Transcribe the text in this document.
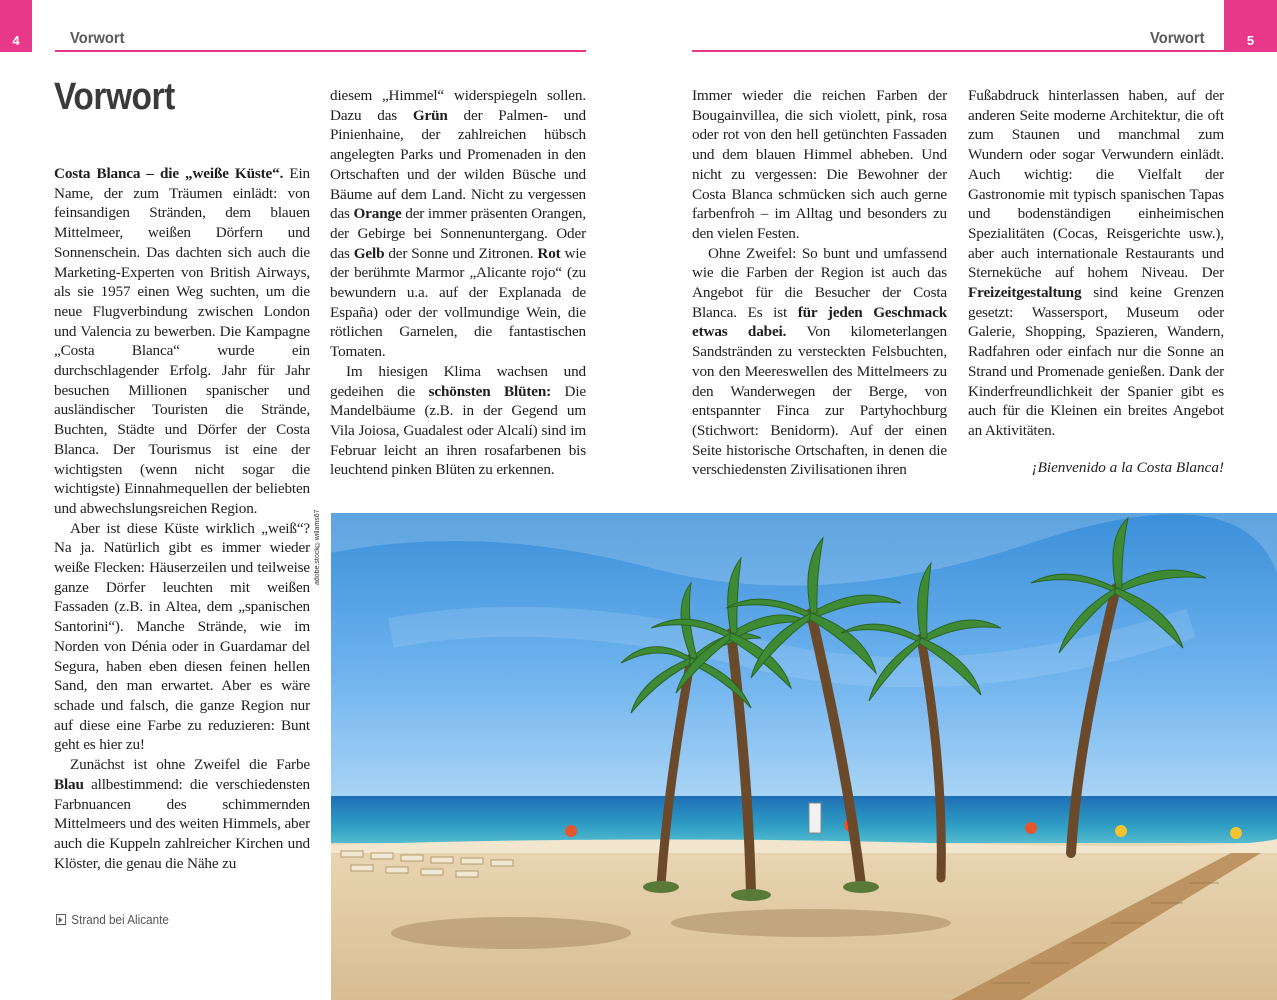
4	Vorwort	Vorwort	5
Vorwort

Costa Blanca – die „weiße Küste“. Ein Name, der zum Träumen einlädt: von feinsandigen Stränden, dem blauen Mittelmeer, weißen Dörfern und Sonnenschein. Das dachten sich auch die Marketing-Experten von British Airways, als sie 1957 einen Weg suchten, um die neue Flugverbindung zwischen London und Valencia zu bewerben. Die Kampagne „Costa Blanca“ wurde ein durchschlagender Erfolg. Jahr für Jahr besuchen Millionen spanischer und ausländischer Touristen die Strände, Buchten, Städte und Dörfer der Costa Blanca. Der Tourismus ist eine der wichtigsten (wenn nicht sogar die wichtigste) Einnahmequellen der beliebten und abwechslungsreichen Region.

Aber ist diese Küste wirklich „weiß“? Na ja. Natürlich gibt es immer wieder weiße Flecken: Häuserzeilen und teilweise ganze Dörfer leuchten mit weißen Fassaden (z.B. in Altea, dem „spanischen Santorini“). Manche Strände, wie im Norden von Dénia oder in Guardamar del Segura, haben eben diesen feinen hellen Sand, den man erwartet. Aber es wäre schade und falsch, die ganze Region nur auf diese eine Farbe zu reduzieren: Bunt geht es hier zu!

Zunächst ist ohne Zweifel die Farbe Blau allbestimmend: die verschiedensten Farbnuancen des schimmernden Mittelmeers und des weiten Himmels, aber auch die Kuppeln zahlreicher Kirchen und Klöster, die genau die Nähe zu

diesem „Himmel“ widerspiegeln sollen. Dazu das Grün der Palmen- und Pinienhaine, der zahlreichen hübsch angelegten Parks und Promenaden in den Ortschaften und der wilden Büsche und Bäume auf dem Land. Nicht zu vergessen das Orange der immer präsenten Orangen, der Gebirge bei Sonnenuntergang. Oder das Gelb der Sonne und Zitronen. Rot wie der berühmte Marmor „Alicante rojo“ (zu bewundern u.a. auf der Explanada de España) oder der vollmundige Wein, die rötlichen Garnelen, die fantastischen Tomaten.

Im hiesigen Klima wachsen und gedeihen die schönsten Blüten: Die Mandelbäume (z.B. in der Gegend um Vila Joiosa, Guadalest oder Alcalí) sind im Februar leicht an ihren rosafarbenen bis leuchtend pinken Blüten zu erkennen.

Immer wieder die reichen Farben der Bougainvillea, die sich violett, pink, rosa oder rot von den hell getünchten Fassaden und dem blauen Himmel abheben. Und nicht zu vergessen: Die Bewohner der Costa Blanca schmücken sich auch gerne farbenfroh – im Alltag und besonders zu den vielen Festen.

Ohne Zweifel: So bunt und umfassend wie die Farben der Region ist auch das Angebot für die Besucher der Costa Blanca. Es ist für jeden Geschmack etwas dabei. Von kilometerlangen Sandstränden zu versteckten Felsbuchten, von den Meereswellen des Mittelmeers zu den Wanderwegen der Berge, von entspannter Finca zur Partyhochburg (Stichwort: Benidorm). Auf der einen Seite historische Ortschaften, in denen die verschiedensten Zivilisationen ihren

Fußabdruck hinterlassen haben, auf der anderen Seite moderne Architektur, die oft zum Staunen und manchmal zum Wundern oder sogar Verwundern einlädt. Auch wichtig: die Vielfalt der Gastronomie mit typisch spanischen Tapas und bodenständigen einheimischen Spezialitäten (Cocas, Reisgerichte usw.), aber auch internationale Restaurants und Sterneküche auf hohem Niveau. Der Freizeitgestaltung sind keine Grenzen gesetzt: Wassersport, Museum oder Galerie, Shopping, Spazieren, Wandern, Radfahren oder einfach nur die Sonne an Strand und Promenade genießen. Dank der Kinderfreundlichkeit der Spanier gibt es auch für die Kleinen ein breites Angebot an Aktivitäten.

¡Bienvenido a la Costa Blanca!
Strand bei Alicante
adobe.stock©willams67
